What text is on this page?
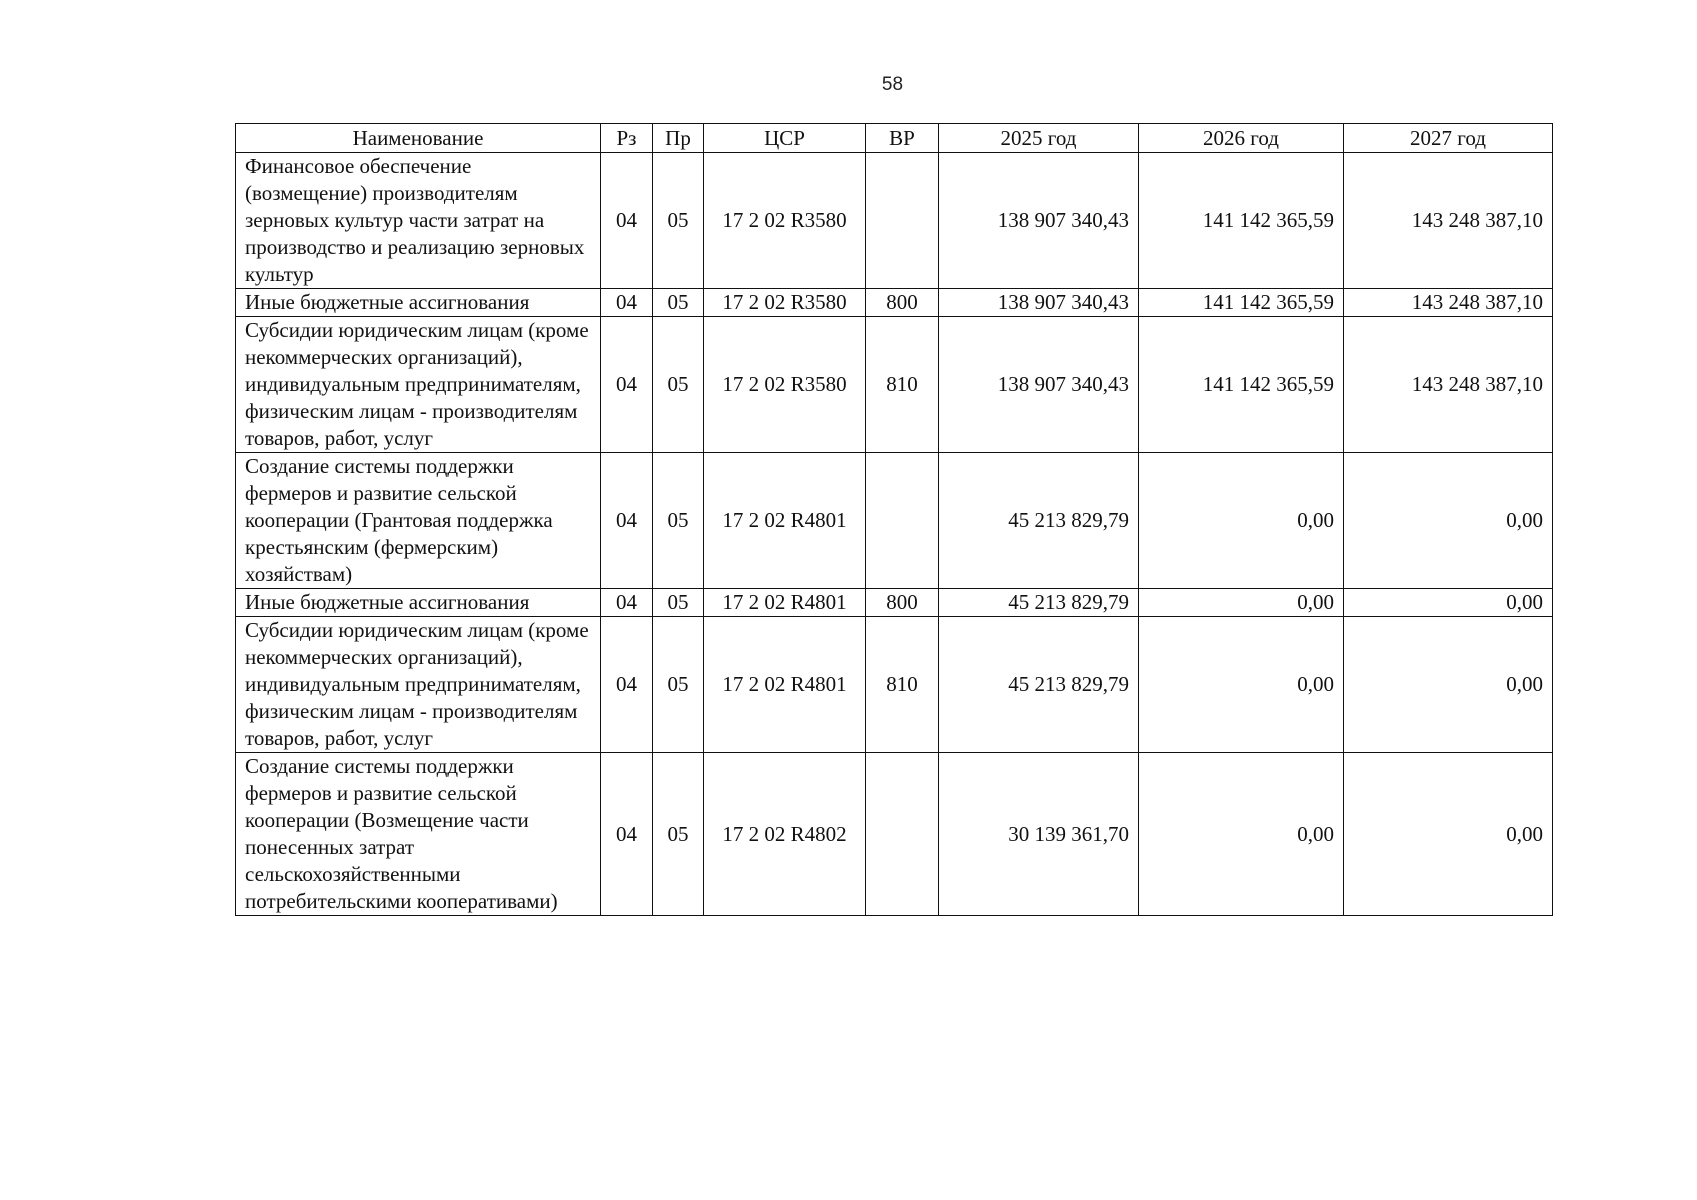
58
Наименование	Рз	Пр	ЦСР	ВР	2025 год	2026 год	2027 год
Финансовое обеспечение (возмещение) производителям зерновых культур части затрат на производство и реализацию зерновых культур	04	05	17 2 02 R3580		138 907 340,43	141 142 365,59	143 248 387,10
Иные бюджетные ассигнования	04	05	17 2 02 R3580	800	138 907 340,43	141 142 365,59	143 248 387,10
Субсидии юридическим лицам (кроме некоммерческих организаций), индивидуальным предпринимателям, физическим лицам - производителям товаров, работ, услуг	04	05	17 2 02 R3580	810	138 907 340,43	141 142 365,59	143 248 387,10
Создание системы поддержки фермеров и развитие сельской кооперации (Грантовая поддержка крестьянским (фермерским) хозяйствам)	04	05	17 2 02 R4801		45 213 829,79	0,00	0,00
Иные бюджетные ассигнования	04	05	17 2 02 R4801	800	45 213 829,79	0,00	0,00
Субсидии юридическим лицам (кроме некоммерческих организаций), индивидуальным предпринимателям, физическим лицам - производителям товаров, работ, услуг	04	05	17 2 02 R4801	810	45 213 829,79	0,00	0,00
Создание системы поддержки фермеров и развитие сельской кооперации (Возмещение части понесенных затрат сельскохозяйственными потребительскими кооперативами)	04	05	17 2 02 R4802		30 139 361,70	0,00	0,00
